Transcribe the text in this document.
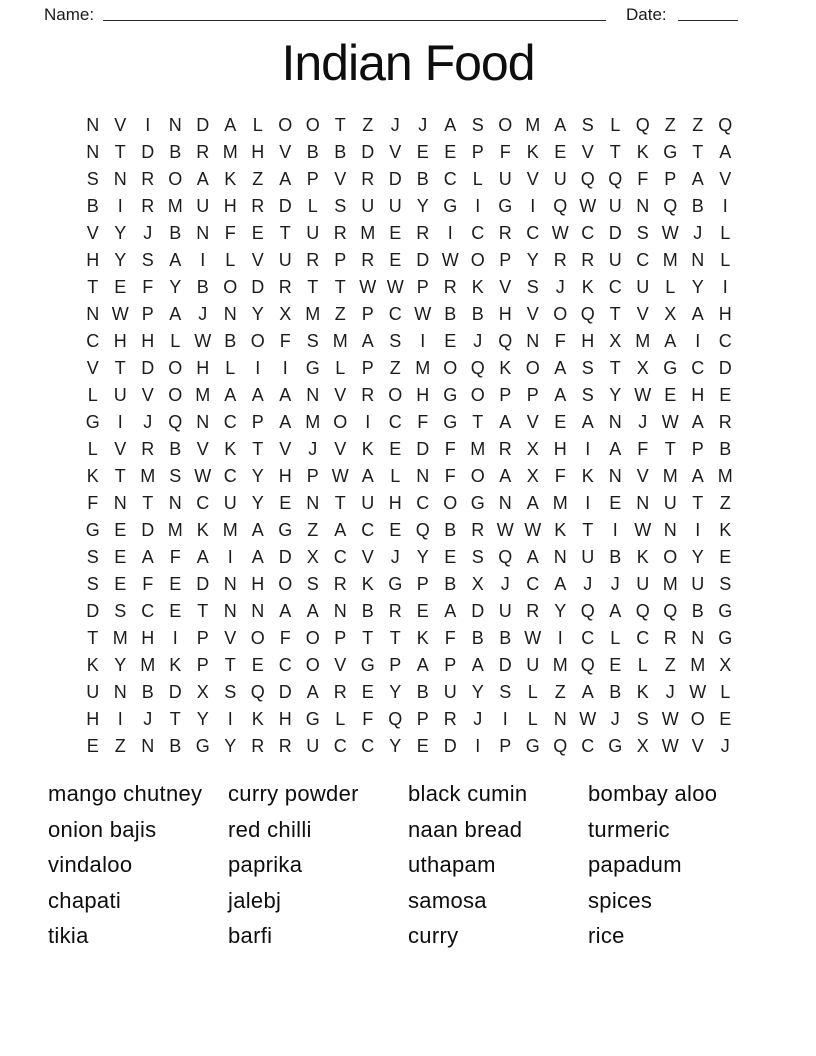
Name:	Date:
Indian Food
N V	I	N D A L O O T Z J	J A S O M A S L Q Z Z Q
N T D B R M H V B B D V E E P F K E V T K G T A
S N R O A K Z A P V R D B C L U V U Q Q F P A V
B	I	R M U H R D L S U U Y G I G I Q W U N Q B	I
V Y J B N F E T U R M E R	I	C R C W C D S W J L
H Y S A	I	L V U R P R E D W O P Y R R U C M N L
T E F Y B O D R T T W W P R K V S J K C U L Y	I
N W P A J N Y X M Z P C W B B H V O Q T V X A H
C H H L W B O F S M A S	I	E J Q N F H X M A	I	C
V T D O H L	I	I G L P Z M O Q K O A S T X G C D
L U V O M A A A N V R O H G O P P A S Y W E H E
G I	J Q N C P A M O I	C F G T A V E A N J W A R
L V R B V K T V J V K E D F M R X H	I	A F T P B
K T M S W C Y H P W A L N F O A X F K N V M A M
F N T N C U Y E N T U H C O G N A M I	E N U T Z
G E D M K M A G Z A C E Q B R W W K T	I W N	I	K
S E A F A	I	A D X C V J Y E S Q A N U B K O Y E
S E F E D N H O S R K G P B X J C A J	J U M U S
D S C E T N N A A N B R E A D U R Y Q A Q Q B G
T M H	I	P V O F O P T T K F B B W I	C L C R N G
K Y M K P T E C O V G P A P A D U M Q E L Z M X
U N B D X S Q D A R E Y B U Y S L Z A B K J W L
H	I	J T Y	I	K H G L F Q P R J	I	L N W J S W O E
E Z N B G Y R R U C C Y E D	I	P G Q C G X W V J
mango chutney
onion bajis
vindaloo
chapati
tikia
curry powder
red chilli
paprika
jalebj
barfi
black cumin
naan bread
uthapam
samosa
curry
bombay aloo
turmeric
papadum
spices
rice
